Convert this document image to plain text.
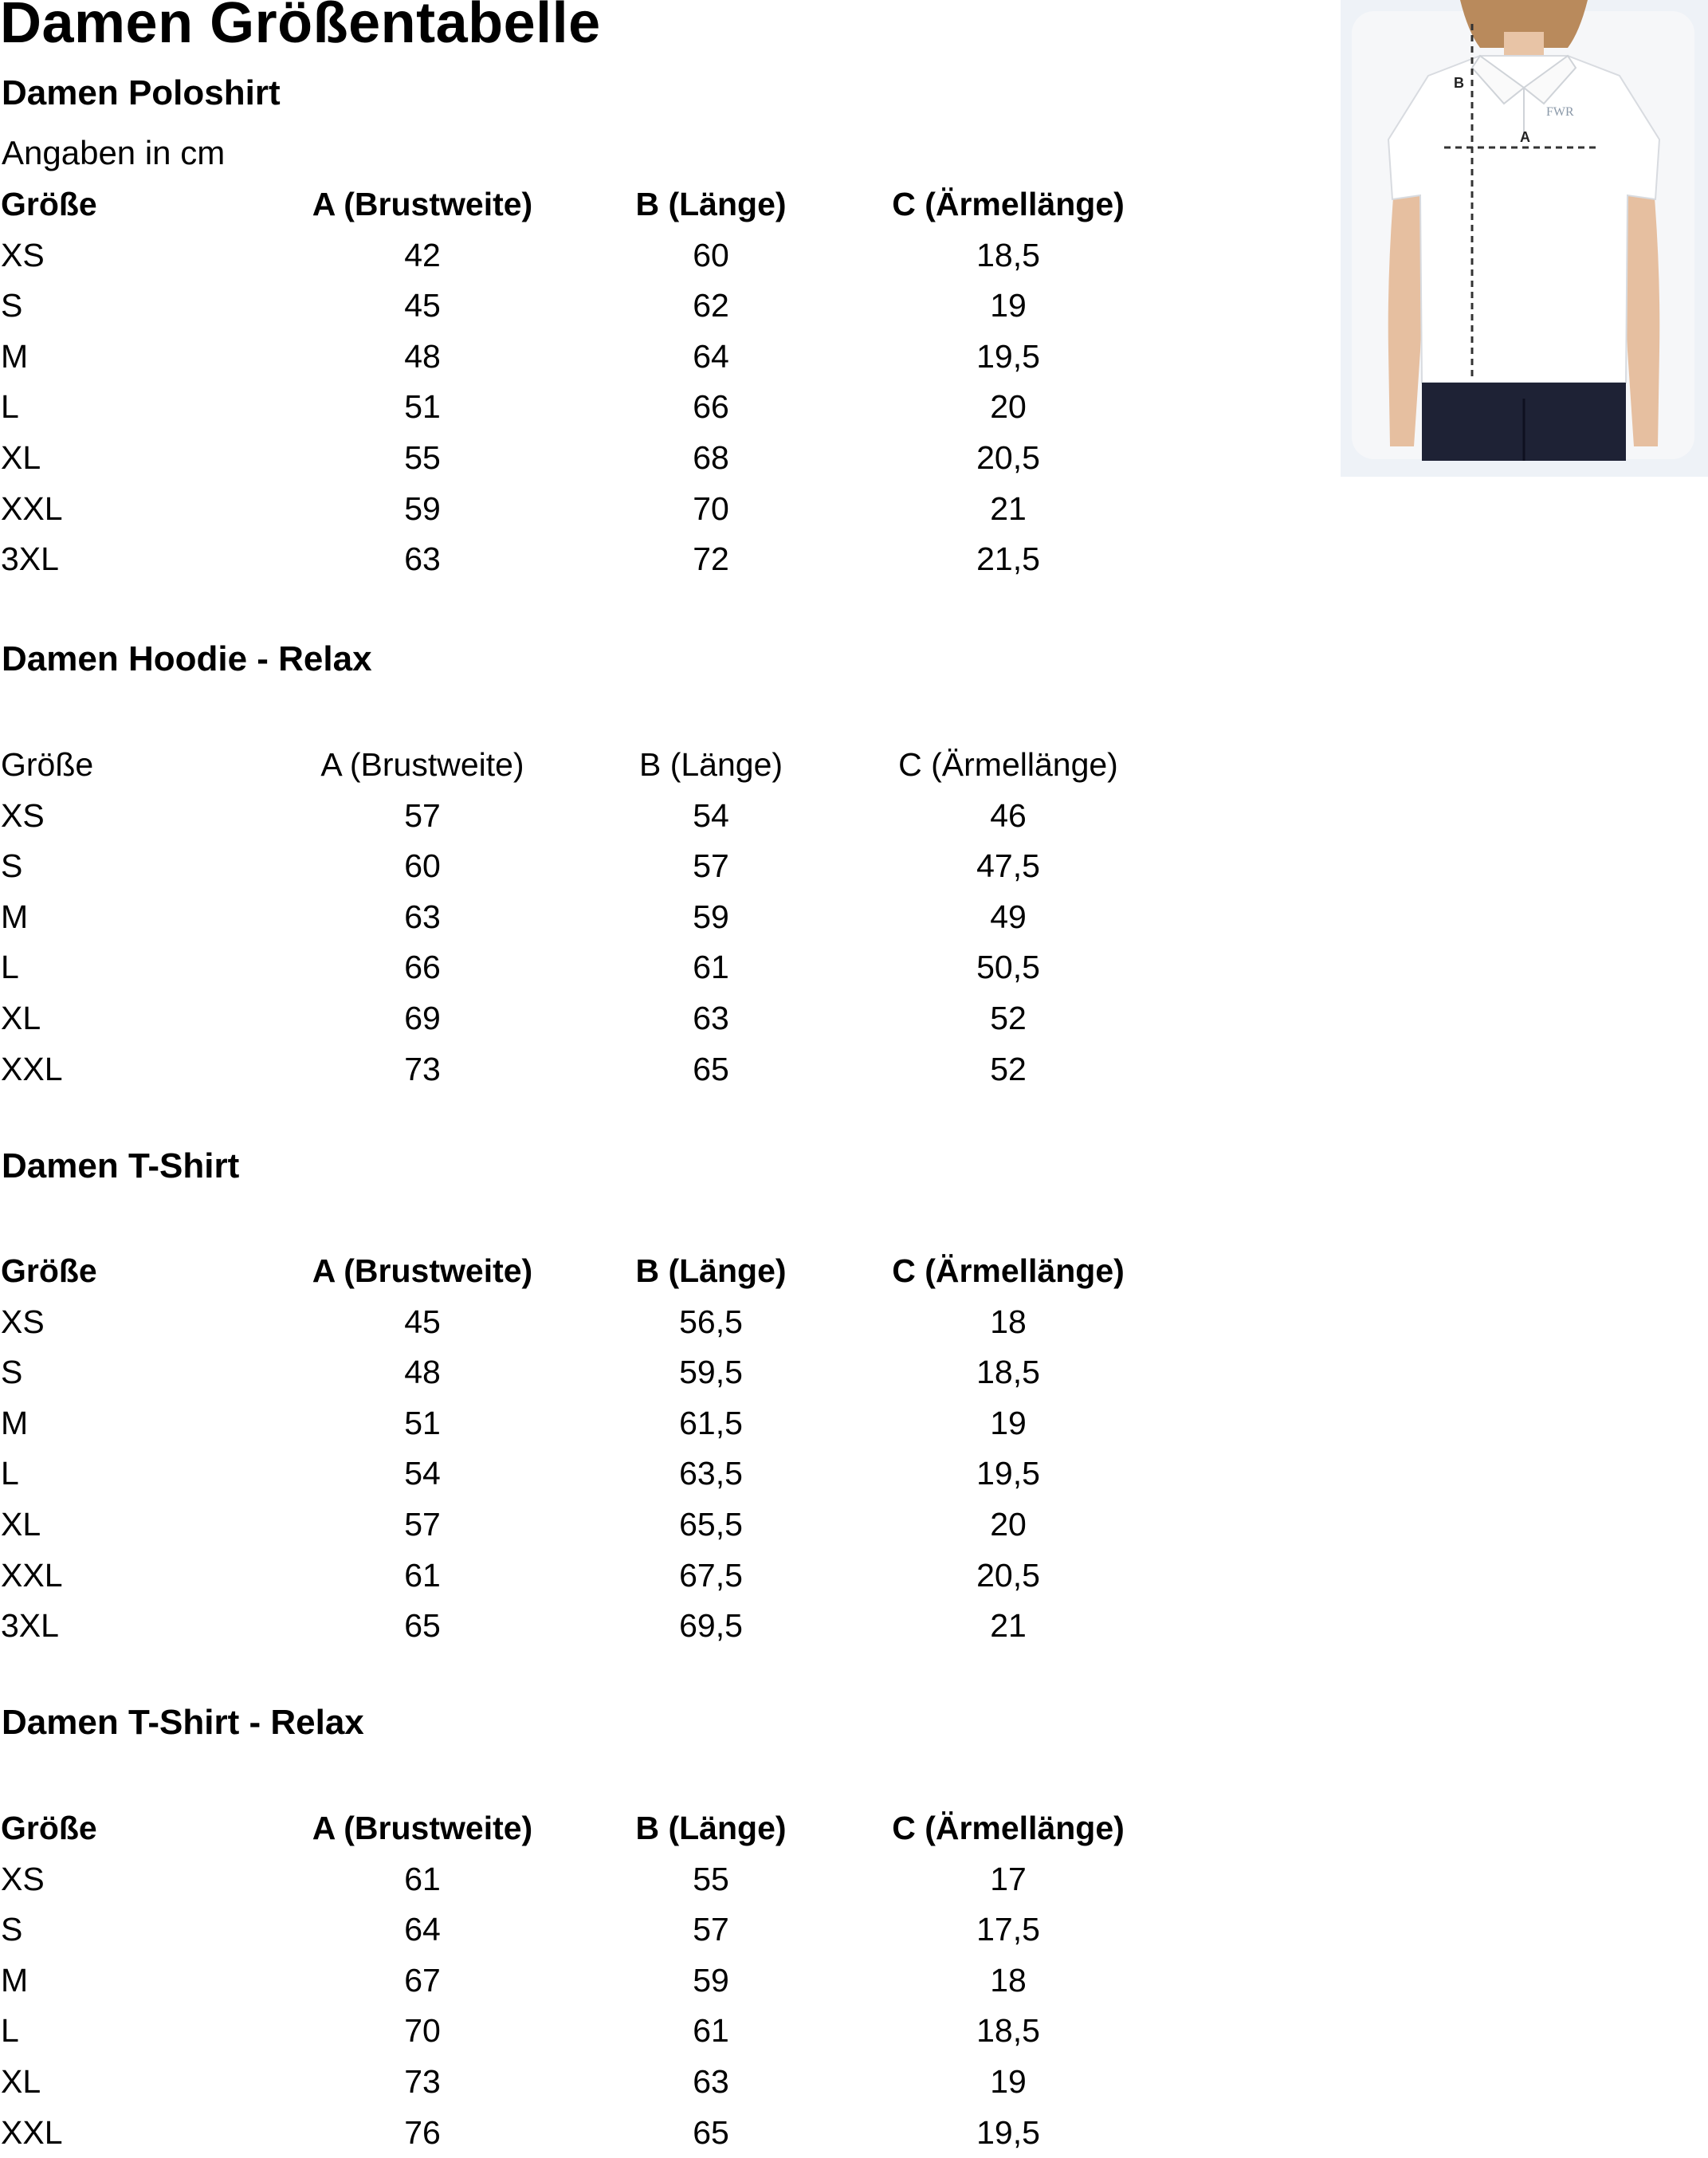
Damen Größentabelle
Damen Poloshirt
Angaben in cm
Größe	A (Brustweite)	B (Länge)	C (Ärmellänge)
XS	42	60	18,5
S	45	62	19
M	48	64	19,5
L	51	66	20
XL	55	68	20,5
XXL	59	70	21
3XL	63	72	21,5
Damen Hoodie - Relax
Größe	A (Brustweite)	B (Länge)	C (Ärmellänge)
XS	57	54	46
S	60	57	47,5
M	63	59	49
L	66	61	50,5
XL	69	63	52
XXL	73	65	52
Damen T-Shirt
Größe	A (Brustweite)	B (Länge)	C (Ärmellänge)
XS	45	56,5	18
S	48	59,5	18,5
M	51	61,5	19
L	54	63,5	19,5
XL	57	65,5	20
XXL	61	67,5	20,5
3XL	65	69,5	21
Damen T-Shirt - Relax
Größe	A (Brustweite)	B (Länge)	C (Ärmellänge)
XS	61	55	17
S	64	57	17,5
M	67	59	18
L	70	61	18,5
XL	73	63	19
XXL	76	65	19,5
B
A
FWR
